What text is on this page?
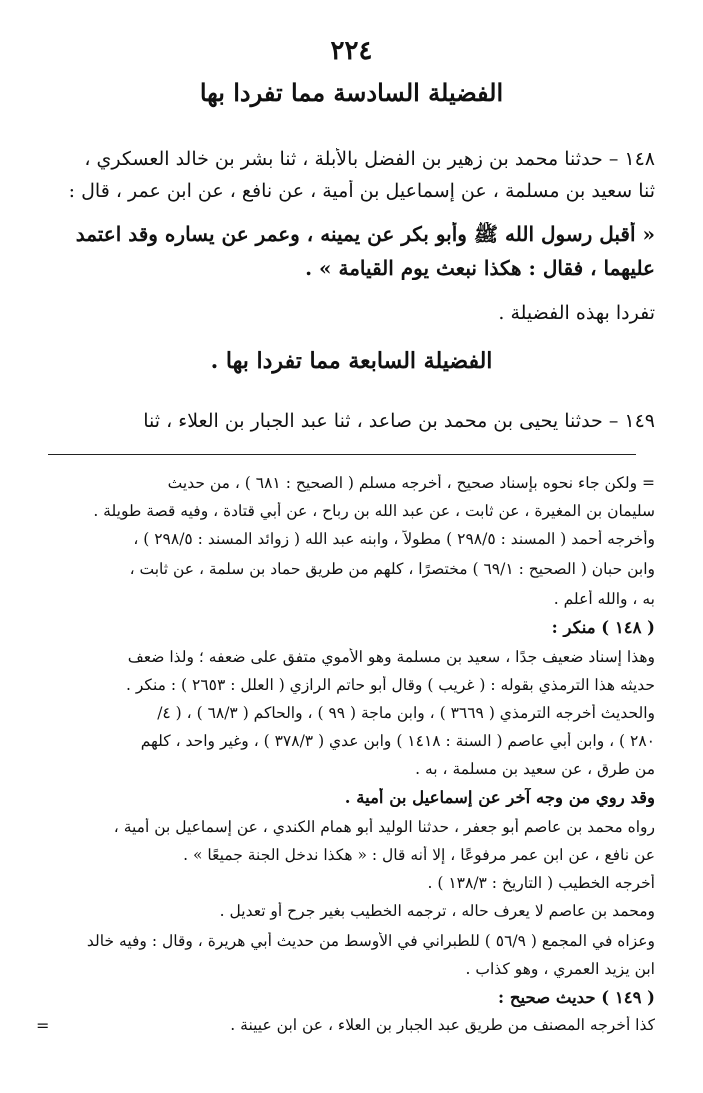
٢٢٤
الفضيلة السادسة مما تفردا بها
١٤٨ – حدثنا محمد بن زهير بن الفضل بالأبلة ، ثنا بشر بن خالد العسكري ،
ثنا سعيد بن مسلمة ، عن إسماعيل بن أمية ، عن نافع ، عن ابن عمر ، قال :
« أقبل رسول الله ﷺ وأبو بكر عن يمينه ، وعمر عن يساره وقد اعتمد
عليهما ، فقال : هكذا نبعث يوم القيامة » .
تفردا بهذه الفضيلة .
الفضيلة السابعة مما تفردا بها .
١٤٩ – حدثنا يحيى بن محمد بن صاعد ، ثنا عبد الجبار بن العلاء ، ثنا
= ولكن جاء نحوه بإسناد صحيح ، أخرجه مسلم ( الصحيح : ٦٨١ ) ، من حديث
سليمان بن المغيرة ، عن ثابت ، عن عبد الله بن رباح ، عن أبي قتادة ، وفيه قصة طويلة .
وأخرجه أحمد ( المسند : ٢٩٨/٥ ) مطولاً ، وابنه عبد الله ( زوائد المسند : ٢٩٨/٥ ) ،
وابن حبان ( الصحيح : ٦٩/١ ) مختصرًا ، كلهم من طريق حماد بن سلمة ، عن ثابت ،
به ، والله أعلم .
( ١٤٨ ) منكر :
وهذا إسناد ضعيف جدًا ، سعيد بن مسلمة وهو الأموي متفق على ضعفه ؛ ولذا ضعف
حديثه هذا الترمذي بقوله : ( غريب ) وقال أبو حاتم الرازي ( العلل : ٢٦٥٣ ) : منكر .
والحديث أخرجه الترمذي ( ٣٦٦٩ ) ، وابن ماجة ( ٩٩ ) ، والحاكم ( ٦٨/٣ ) ، ( ٤/
٢٨٠ ) ، وابن أبي عاصم ( السنة : ١٤١٨ ) وابن عدي ( ٣٧٨/٣ ) ، وغير واحد ، كلهم
من طرق ، عن سعيد بن مسلمة ، به .
وقد روي من وجه آخر عن إسماعيل بن أمية .
رواه محمد بن عاصم أبو جعفر ، حدثنا الوليد أبو همام الكندي ، عن إسماعيل بن أمية ،
عن نافع ، عن ابن عمر مرفوعًا ، إلا أنه قال : « هكذا ندخل الجنة جميعًا » .
أخرجه الخطيب ( التاريخ : ١٣٨/٣ ) .
ومحمد بن عاصم لا يعرف حاله ، ترجمه الخطيب بغير جرح أو تعديل .
وعزاه في المجمع ( ٥٦/٩ ) للطبراني في الأوسط من حديث أبي هريرة ، وقال : وفيه خالد
ابن يزيد العمري ، وهو كذاب .
( ١٤٩ ) حديث صحيح :
كذا أخرجه المصنف من طريق عبد الجبار بن العلاء ، عن ابن عيينة .
=
